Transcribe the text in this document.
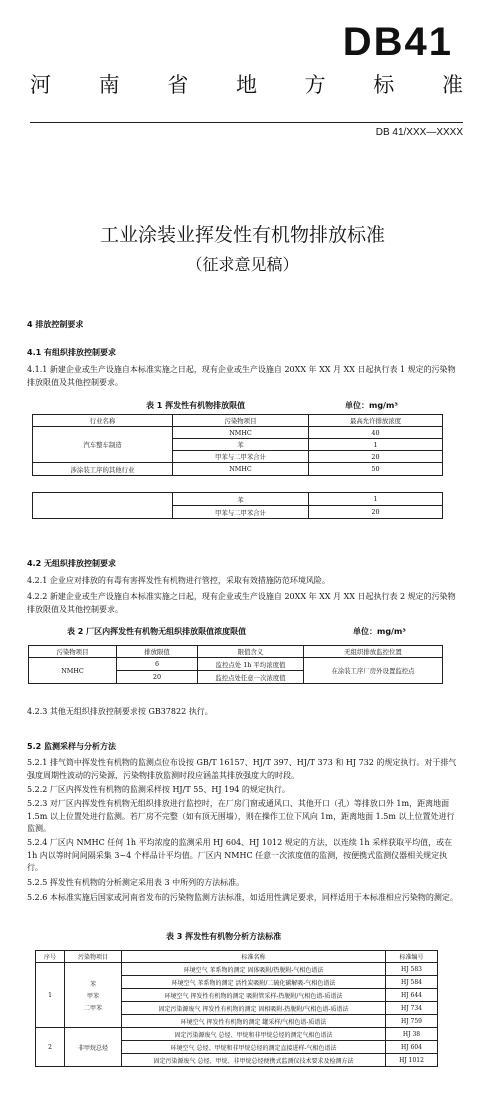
DB41
河 南 省 地 方 标 准
DB 41/XXX—XXXX
工业涂装业挥发性有机物排放标准
（征求意见稿）
4 排放控制要求
4.1 有组织排放控制要求
4.1.1 新建企业或生产设施自本标准实施之日起，现有企业或生产设施自 20XX 年 XX 月 XX 日起执行表 1 规定的污染物排放限值及其他控制要求。
表 1 挥发性有机物排放限值	单位：mg/m³
行业名称	污染物项目	最高允许排放浓度
汽车整车制造	NMHC	40
	苯	1
	甲苯与二甲苯合计	20
涉涂装工序的其他行业	NMHC	50
	苯	1
	甲苯与二甲苯合计	20
4.2 无组织排放控制要求
4.2.1 企业应对排放的有毒有害挥发性有机物进行管控，采取有效措施防范环境风险。
4.2.2 新建企业或生产设施自本标准实施之日起，现有企业或生产设施自 20XX 年 XX 月 XX 日起执行表 2 规定的污染物排放限值及其他控制要求。
表 2 厂区内挥发性有机物无组织排放限值浓度限值	单位：mg/m³
污染物项目	排放限值	限值含义	无组织排放监控位置
NMHC	6	监控点处 1h 平均浓度值	在涂装工序厂房外设置监控点
	20	监控点处任意一次浓度值	
4.2.3 其他无组织排放控制要求按 GB37822 执行。
5.2 监测采样与分析方法
5.2.1 排气筒中挥发性有机物的监测点位布设按 GB/T 16157、HJ/T 397、HJ/T 373 和 HJ 732 的规定执行。对于排气强度周期性波动的污染源，污染物排放监测时段应涵盖其排放强度大的时段。
5.2.2 厂区内挥发性有机物的监测采样按 HJ/T 55、HJ 194 的规定执行。
5.2.3 对厂区内挥发性有机物无组织排放进行监控时，在厂房门窗或通风口、其他开口（孔）等排放口外 1m，距离地面 1.5m 以上位置处进行监测。若厂房不完整（如有顶无围墙），则在操作工位下风向 1m，距离地面 1.5m 以上位置处进行监测。
5.2.4 厂区内 NMHC 任何 1h 平均浓度的监测采用 HJ 604、HJ 1012 规定的方法，以连续 1h 采样获取平均值，或在 1h 内以等时间间隔采集 3~4 个样品计平均值。厂区内 NMHC 任意一次浓度值的监测，按便携式监测仪器相关规定执行。
5.2.5 挥发性有机物的分析测定采用表 3 中所列的方法标准。
5.2.6 本标准实施后国家或河南省发布的污染物监测方法标准，如适用性满足要求，同样适用于本标准相应污染物的测定。
表 3 挥发性有机物分析方法标准
序号	污染物项目	标准名称	标准编号
1	苯
甲苯
二甲苯	环境空气 苯系物的测定 固体吸附/热脱附-气相色谱法	HJ 583
		环境空气 苯系物的测定 活性炭吸附/二硫化碳解吸-气相色谱法	HJ 584
		环境空气 挥发性有机物的测定 吸附管采样-热脱附/气相色谱-质谱法	HJ 644
		固定污染源废气 挥发性有机物的测定 固相吸附-热脱附/气相色谱-质谱法	HJ 734
		环境空气 挥发性有机物的测定 罐采样/气相色谱-质谱法	HJ 759
2	非甲烷总烃	固定污染源废气 总烃、甲烷和非甲烷总烃的测定气相色谱法	HJ 38
		环境空气 总烃、甲烷和非甲烷总烃的测定直接进样-气相色谱法	HJ 604
		固定污染源废气 总烃、甲烷、非甲烷总烃便携式监测仪技术要求及检测方法	HJ 1012
